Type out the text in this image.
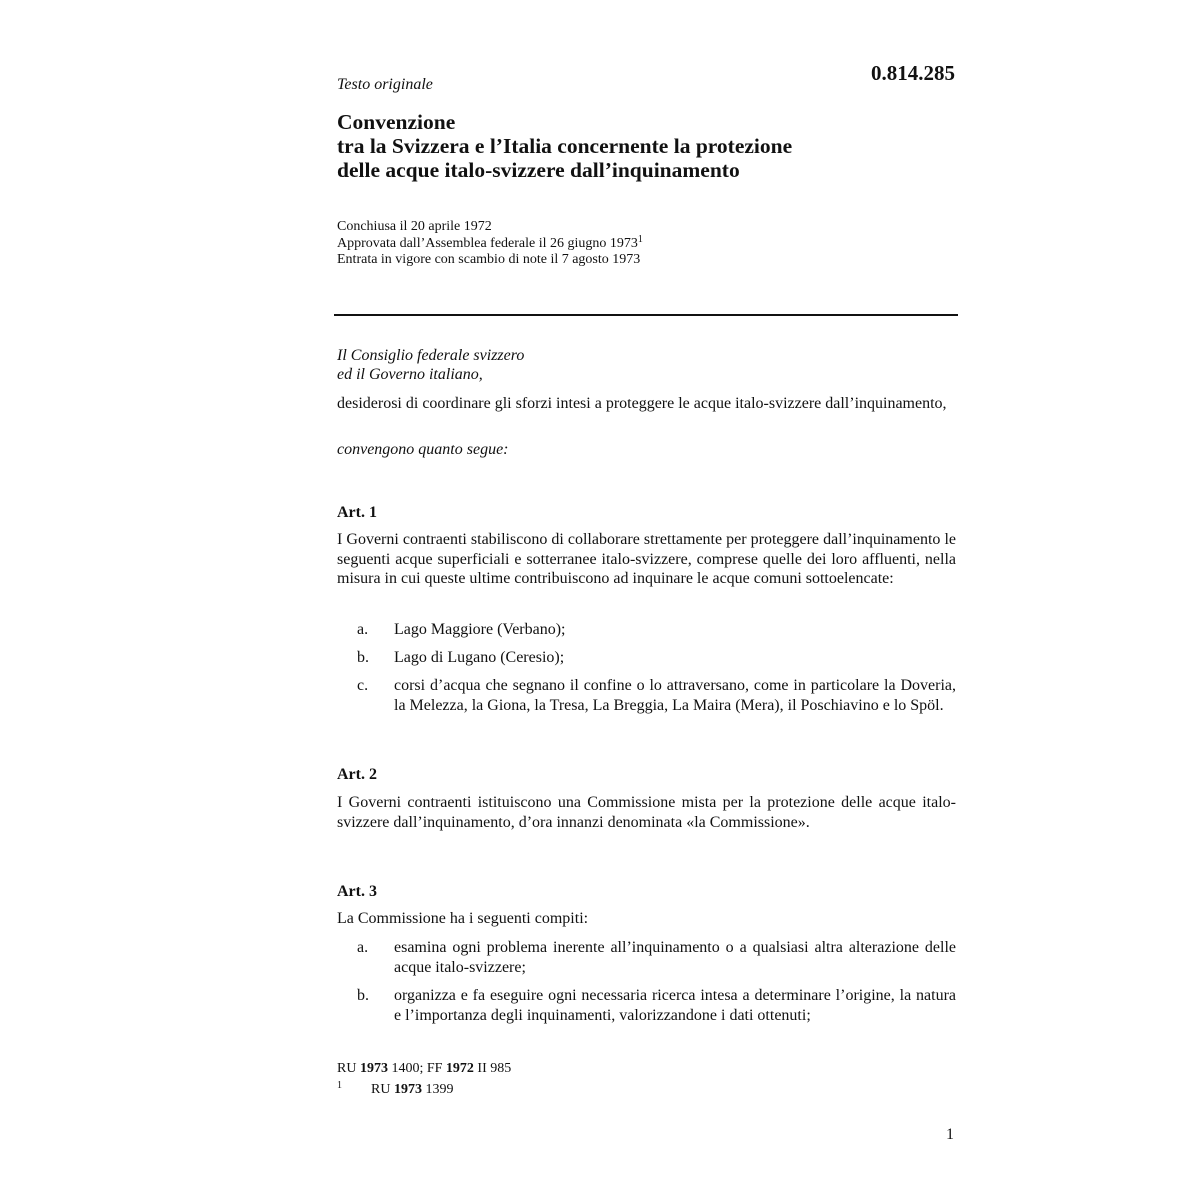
Testo originale	0.814.285
Convenzione
tra la Svizzera e l’Italia concernente la protezione
delle acque italo-svizzere dall’inquinamento
Conchiusa il 20 aprile 1972
Approvata dall’Assemblea federale il 26 giugno 1973$^1$
Entrata in vigore con scambio di note il 7 agosto 1973
Il Consiglio federale svizzero
ed il Governo italiano,

desiderosi di coordinare gli sforzi intesi a proteggere le acque italo-svizzere dall’inquinamento,

convengono quanto segue:

Art. 1

I Governi contraenti stabiliscono di collaborare strettamente per proteggere dall’inquinamento le seguenti acque superficiali e sotterranee italo-svizzere, comprese quelle dei loro affluenti, nella misura in cui queste ultime contribuiscono ad inquinare le acque comuni sottoelencate:

a. Lago Maggiore (Verbano);
b. Lago di Lugano (Ceresio);
c. corsi d’acqua che segnano il confine o lo attraversano, come in particolare la Doveria, la Melezza, la Giona, la Tresa, La Breggia, La Maira (Mera), il Poschiavino e lo Spöl.
Art. 2

I Governi contraenti istituiscono una Commissione mista per la protezione delle acque italo-svizzere dall’inquinamento, d’ora innanzi denominata «la Commissione».

Art. 3

La Commissione ha i seguenti compiti:

a. esamina ogni problema inerente all’inquinamento o a qualsiasi altra alterazione delle acque italo-svizzere;
b. organizza e fa eseguire ogni necessaria ricerca intesa a determinare l’origine, la natura e l’importanza degli inquinamenti, valorizzandone i dati ottenuti;
RU 1973 1400; FF 1972 II 985
1 RU 1973 1399
1
